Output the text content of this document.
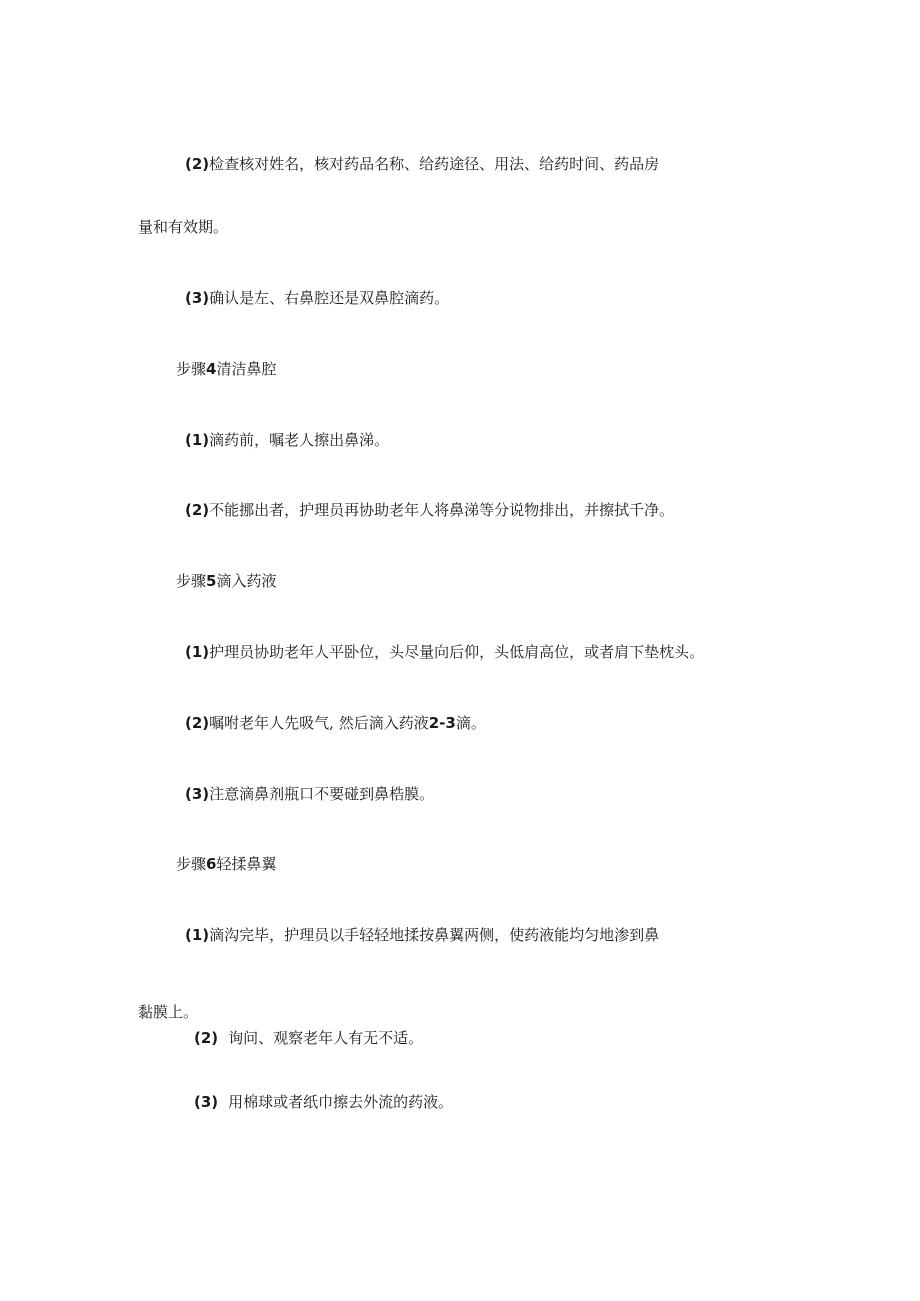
(2)检查核对姓名，核对药品名称、给药途径、用法、给药时间、药品房
量和有效期。
(3)确认是左、右鼻腔还是双鼻腔滴药。
步骤4清洁鼻腔
(1)滴药前，嘱老人擦出鼻涕。
(2)不能挪出者，护理员再协助老年人将鼻涕等分说物排出，并擦拭千净。
步骤5滴入药液
(1)护理员协助老年人平卧位，头尽量向后仰，头低肩高位，或者肩下垫枕头。
(2)嘱咐老年人先吸气, 然后滴入药液2-3滴。
(3)注意滴鼻剂瓶口不要碰到鼻梏膜。
步骤6轻揉鼻翼
(1)滴沟完毕，护理员以手轻轻地揉按鼻翼两侧，使药液能均匀地渗到鼻
黏膜上。
(2) 询问、观察老年人有无不适。
(3) 用棉球或者纸巾擦去外流的药液。
